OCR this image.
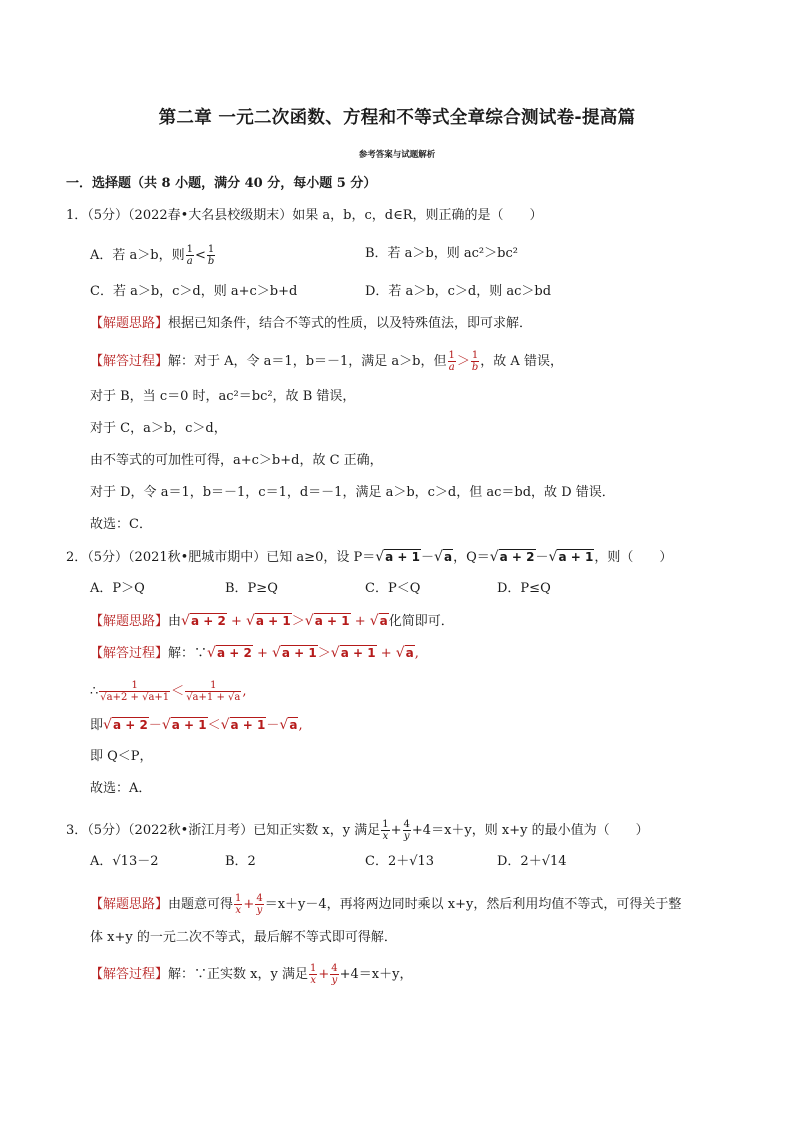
第二章 一元二次函数、方程和不等式全章综合测试卷-提高篇
参考答案与试题解析
一．选择题（共 8 小题，满分 40 分，每小题 5 分）
1．（5分）（2022春•大名县校级期末）如果 a，b，c，d∈R，则正确的是（　　）
A．若 a＞b，则 $\frac{1}{a} < \frac{1}{b}$	B．若 a＞b，则 ac²＞bc²
C．若 a＞b，c＞d，则 a+c＞b+d	D．若 a＞b，c＞d，则 ac＞bd
【解题思路】根据已知条件，结合不等式的性质，以及特殊值法，即可求解．
【解答过程】解：对于 A，令 a＝1，b＝－1，满足 a＞b，但 $\frac{1}{a} > \frac{1}{b}$ ，故 A 错误，
对于 B，当 c＝0 时，ac²＝bc²，故 B 错误，
对于 C，a＞b，c＞d，
由不等式的可加性可得，a+c＞b+d，故 C 正确，
对于 D，令 a＝1，b＝－1，c＝1，d＝－1，满足 a＞b，c＞d，但 ac＝bd，故 D 错误．
故选：C．
2．（5分）（2021秋•肥城市期中）已知 a≥0，设 P＝√a + 1－√a，Q＝√a + 2－√a + 1，则（　　）
A．P＞Q	B．P≥Q	C．P＜Q	D．P≤Q
【解题思路】由√a + 2 + √a + 1＞√a + 1 + √a化简即可．
【解答过程】解：∵√a + 2 + √a + 1＞√a + 1 + √a,
∴ $\frac{1}{√a+2 + √a+1} < \frac{1}{√a+1 + √a}$ ,
即√a + 2－√a + 1＜√a + 1－√a,
即 Q＜P，
故选：A．
3．（5分）（2022秋•浙江月考）已知正实数 x，y 满足 $\frac{1}{x} + \frac{4}{y} +4=x+y$，则 x+y 的最小值为（　　）
A．√13－2	B．2	C．2＋√13	D．2＋√14
【解题思路】由题意可得 $\frac{1}{x} + \frac{4}{y} =x+y-4$，再将两边同时乘以 x+y，然后利用均值不等式，可得关于整
体 x+y 的一元二次不等式，最后解不等式即可得解．
【解答过程】解：∵正实数 x，y 满足 $\frac{1}{x} + \frac{4}{y} +4=x+y$，
